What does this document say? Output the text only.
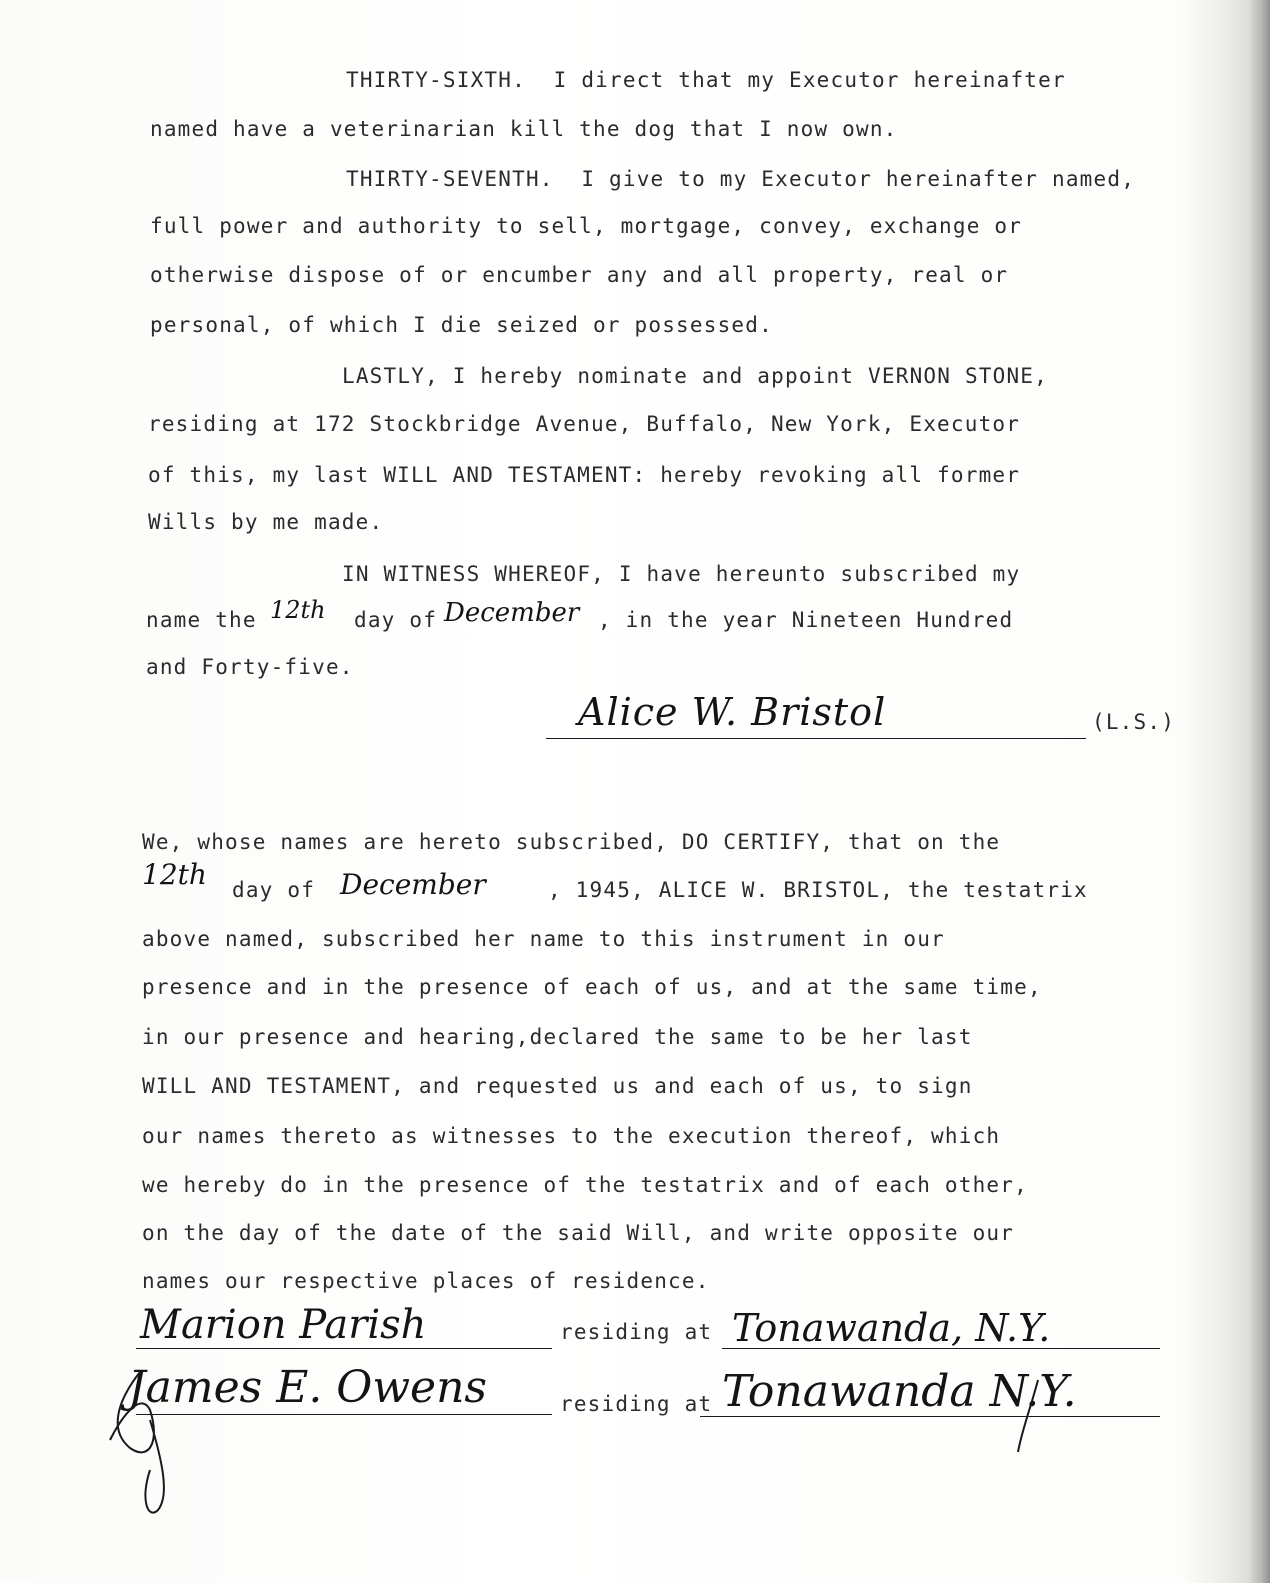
THIRTY-SIXTH.  I direct that my Executor hereinafter
named have a veterinarian kill the dog that I now own.
THIRTY-SEVENTH.  I give to my Executor hereinafter named,
full power and authority to sell, mortgage, convey, exchange or
otherwise dispose of or encumber any and all property, real or
personal, of which I die seized or possessed.
LASTLY, I hereby nominate and appoint VERNON STONE,
residing at 172 Stockbridge Avenue, Buffalo, New York, Executor
of this, my last WILL AND TESTAMENT: hereby revoking all former
Wills by me made.
IN WITNESS WHEREOF, I have hereunto subscribed my
name the 12th day of December , in the year Nineteen Hundred
and Forty-five.
Alice W. Bristol	(L.S.)
We, whose names are hereto subscribed, DO CERTIFY, that on the
12th day of December	, 1945, ALICE W. BRISTOL, the testatrix
above named, subscribed her name to this instrument in our
presence and in the presence of each of us, and at the same time,
in our presence and hearing,declared the same to be her last
WILL AND TESTAMENT, and requested us and each of us, to sign
our names thereto as witnesses to the execution thereof, which
we hereby do in the presence of the testatrix and of each other,
on the day of the date of the said Will, and write opposite our
names our respective places of residence.
Marion Parish	residing at Tonawanda, N.Y.
James E. Owens	residing at Tonawanda N.Y.
